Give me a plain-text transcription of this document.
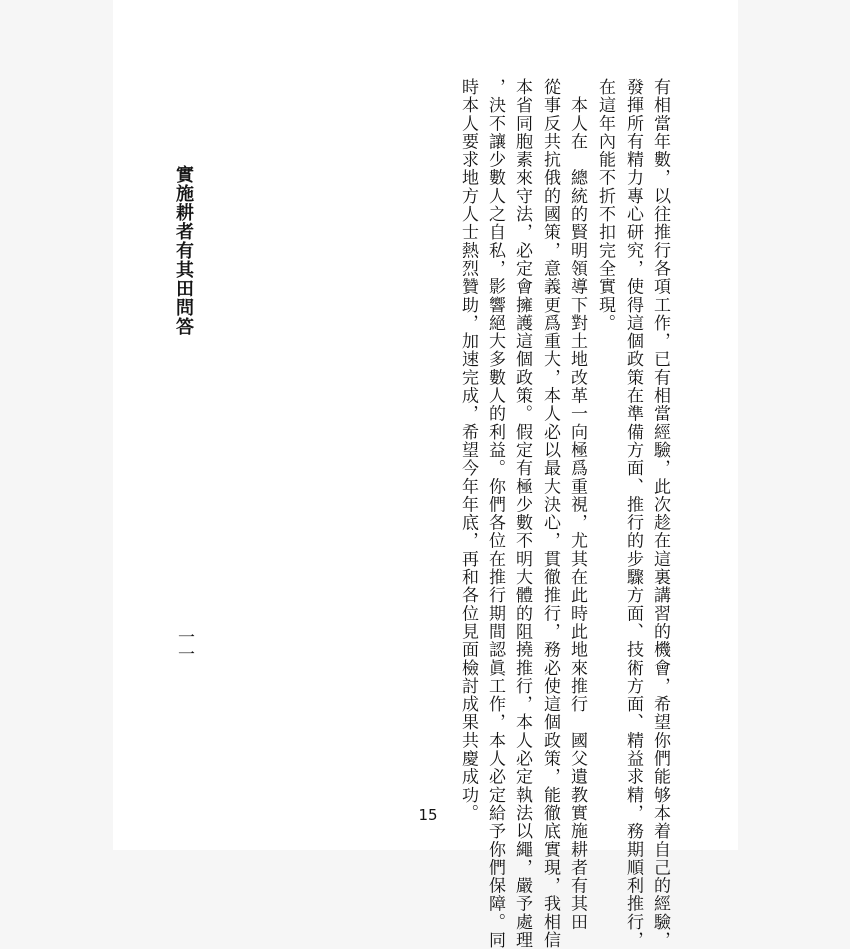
實施耕者有其田問答
一一	有相當年數，以往推行各項工作，已有相當經驗，此次趁在這裏講習的機會，希望你們能够本着自己的經驗，
發揮所有精力專心研究，使得這個政策在準備方面、推行的步驟方面、技術方面、精益求精，務期順利推行，
在這年內能不折不扣完全實現。
　本人在　總統的賢明領導下對土地改革一向極爲重視，尤其在此時此地來推行　國父遺教實施耕者有其田
從事反共抗俄的國策，意義更爲重大，本人必以最大決心，貫徹推行，務必使這個政策，能徹底實現，我相信
本省同胞素來守法，必定會擁護這個政策。假定有極少數不明大體的阻撓推行，本人必定執法以繩，嚴予處理
，決不讓少數人之自私，影響絕大多數人的利益。你們各位在推行期間認眞工作，本人必定給予你們保障。同
時本人要求地方人士熱烈贊助，加速完成，希望今年年底，再和各位見面檢討成果共慶成功。
15
